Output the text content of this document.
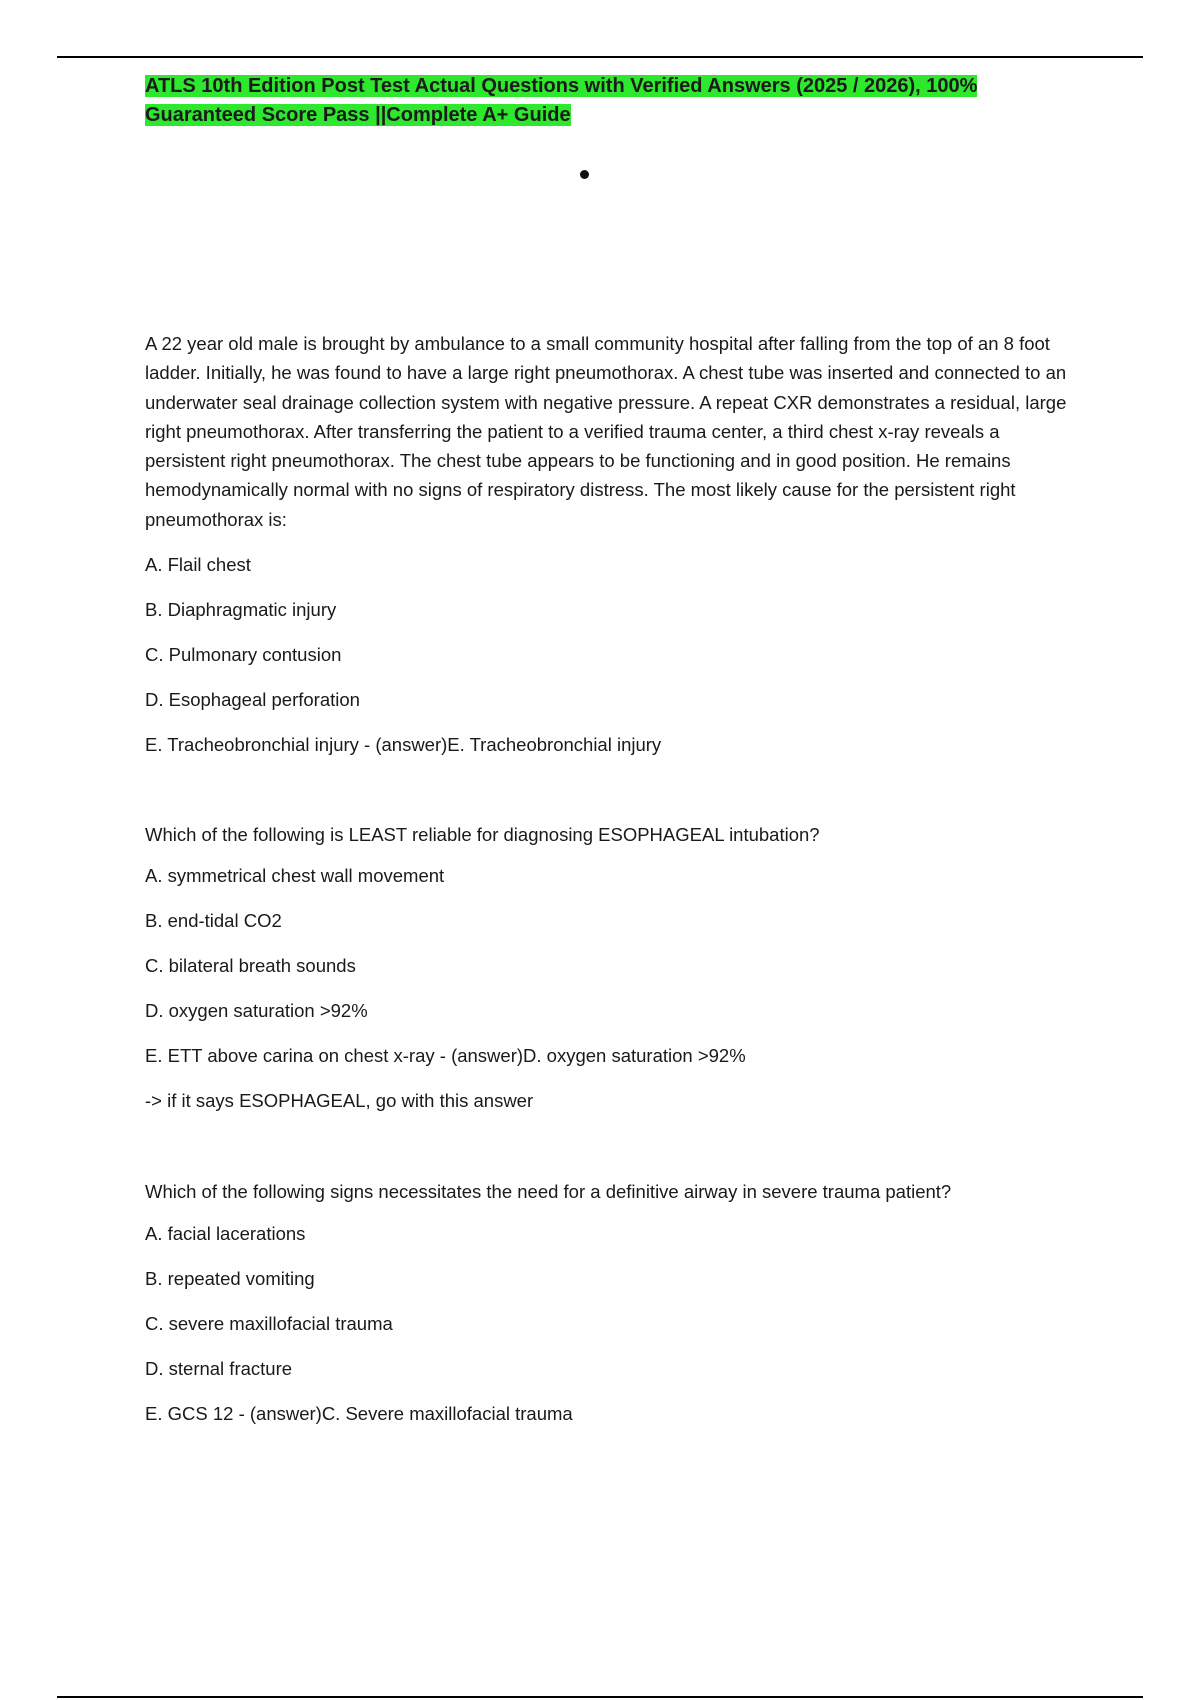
ATLS 10th Edition Post Test Actual Questions with Verified Answers (2025 / 2026), 100% Guaranteed Score Pass ||Complete A+ Guide

A 22 year old male is brought by ambulance to a small community hospital after falling from the top of an 8 foot ladder. Initially, he was found to have a large right pneumothorax. A chest tube was inserted and connected to an underwater seal drainage collection system with negative pressure. A repeat CXR demonstrates a residual, large right pneumothorax. After transferring the patient to a verified trauma center, a third chest x-ray reveals a persistent right pneumothorax. The chest tube appears to be functioning and in good position. He remains hemodynamically normal with no signs of respiratory distress. The most likely cause for the persistent right pneumothorax is:

A. Flail chest

B. Diaphragmatic injury

C. Pulmonary contusion

D. Esophageal perforation

E. Tracheobronchial injury - (answer)E. Tracheobronchial injury

Which of the following is LEAST reliable for diagnosing ESOPHAGEAL intubation?

A. symmetrical chest wall movement

B. end-tidal CO2

C. bilateral breath sounds

D. oxygen saturation >92%

E. ETT above carina on chest x-ray - (answer)D. oxygen saturation >92%

-> if it says ESOPHAGEAL, go with this answer

Which of the following signs necessitates the need for a definitive airway in severe trauma patient?

A. facial lacerations

B. repeated vomiting

C. severe maxillofacial trauma

D. sternal fracture

E. GCS 12 - (answer)C. Severe maxillofacial trauma
